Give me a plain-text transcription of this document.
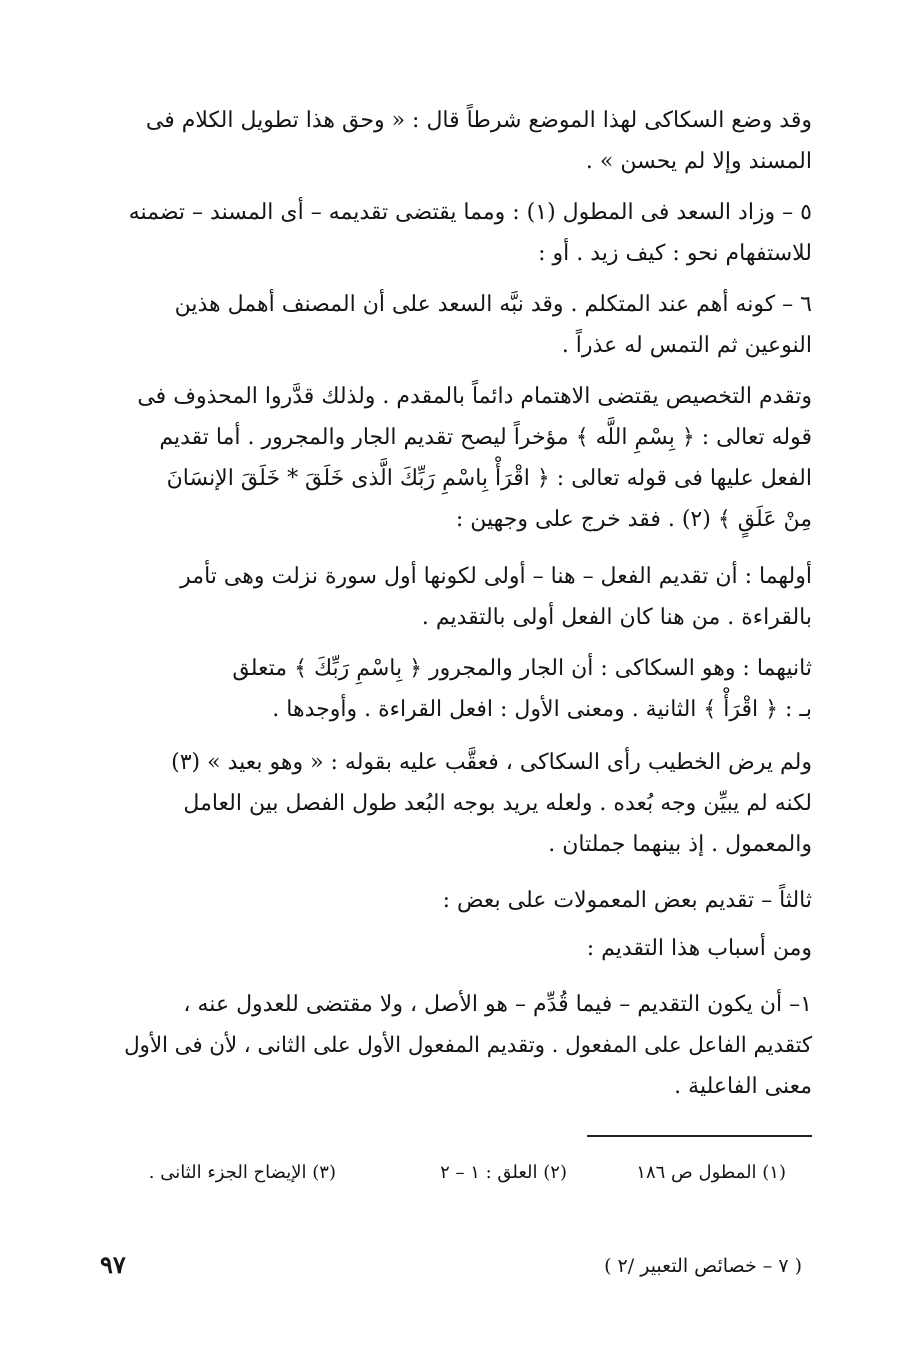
وقد وضع السكاكى لهذا الموضع شرطاً قال : « وحق هذا تطويل الكلام فى
المسند وإلا لم يحسن » .

٥ – وزاد السعد فى المطول (١) : ومما يقتضى تقديمه – أى المسند – تضمنه
للاستفهام نحو : كيف زيد . أو :

٦ – كونه أهم عند المتكلم . وقد نبَّه السعد على أن المصنف أهمل هذين
النوعين ثم التمس له عذراً .

وتقدم التخصيص يقتضى الاهتمام دائماً بالمقدم . ولذلك قدَّروا المحذوف فى
قوله تعالى : ﴿ بِسْمِ اللَّه ﴾ مؤخراً ليصح تقديم الجار والمجرور . أما تقديم
الفعل عليها فى قوله تعالى : ﴿ اقْرَأْ بِاسْمِ رَبِّكَ الَّذى خَلَقَ * خَلَقَ الإنسَانَ
مِنْ عَلَقٍ ﴾ (٢) . فقد خرج على وجهين :

أولهما : أن تقديم الفعل – هنا – أولى لكونها أول سورة نزلت وهى تأمر
بالقراءة . من هنا كان الفعل أولى بالتقديم .

ثانيهما : وهو السكاكى : أن الجار والمجرور ﴿ بِاسْمِ رَبِّكَ ﴾ متعلق
بـ : ﴿ اقْرَأْ ﴾ الثانية . ومعنى الأول : افعل القراءة . وأوجدها .

ولم يرض الخطيب رأى السكاكى ، فعقَّب عليه بقوله : « وهو بعيد » (٣)
لكنه لم يبيِّن وجه بُعده . ولعله يريد بوجه البُعد طول الفصل بين العامل
والمعمول . إذ بينهما جملتان .

ثالثاً – تقديم بعض المعمولات على بعض :

ومن أسباب هذا التقديم :

١– أن يكون التقديم – فيما قُدِّم – هو الأصل ، ولا مقتضى للعدول عنه ،
كتقديم الفاعل على المفعول . وتقديم المفعول الأول على الثانى ، لأن فى الأول
معنى الفاعلية .

(١) المطول ص ١٨٦
(٢) العلق : ١ – ٢
(٣) الإيضاح الجزء الثانى .
٩٧	( ٧ – خصائص التعبير /٢ )
